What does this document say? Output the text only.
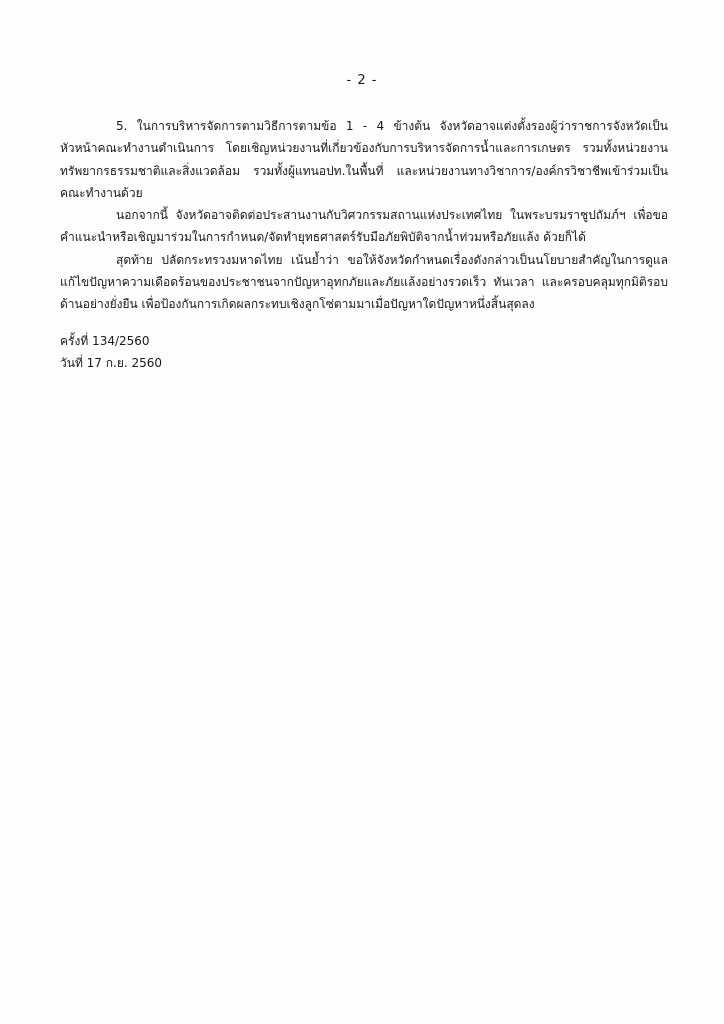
- 2 -

5. ในการบริหารจัดการตามวิธีการตามข้อ 1 - 4 ข้างต้น จังหวัดอาจแต่งตั้งรองผู้ว่าราชการจังหวัดเป็นหัวหน้าคณะทำงานดำเนินการ โดยเชิญหน่วยงานที่เกี่ยวข้องกับการบริหารจัดการน้ำและการเกษตร รวมทั้งหน่วยงานทรัพยากรธรรมชาติและสิ่งแวดล้อม รวมทั้งผู้แทนอปท.ในพื้นที่ และหน่วยงานทางวิชาการ/องค์กรวิชาชีพเข้าร่วมเป็นคณะทำงานด้วย

นอกจากนี้ จังหวัดอาจติดต่อประสานงานกับวิศวกรรมสถานแห่งประเทศไทย ในพระบรมราชูปถัมภ์ฯ เพื่อขอคำแนะนำหรือเชิญมาร่วมในการกำหนด/จัดทำยุทธศาสตร์รับมือภัยพิบัติจากน้ำท่วมหรือภัยแล้ง ด้วยก็ได้

สุดท้าย ปลัดกระทรวงมหาดไทย เน้นย้ำว่า ขอให้จังหวัดกำหนดเรื่องดังกล่าวเป็นนโยบายสำคัญในการดูแลแก้ไขปัญหาความเดือดร้อนของประชาชนจากปัญหาอุทกภัยและภัยแล้งอย่างรวดเร็ว ทันเวลา และครอบคลุมทุกมิติรอบด้านอย่างยั่งยืน เพื่อป้องกันการเกิดผลกระทบเชิงลูกโซ่ตามมาเมื่อปัญหาใดปัญหาหนึ่งสิ้นสุดลง

ครั้งที่ 134/2560
วันที่ 17 ก.ย. 2560
